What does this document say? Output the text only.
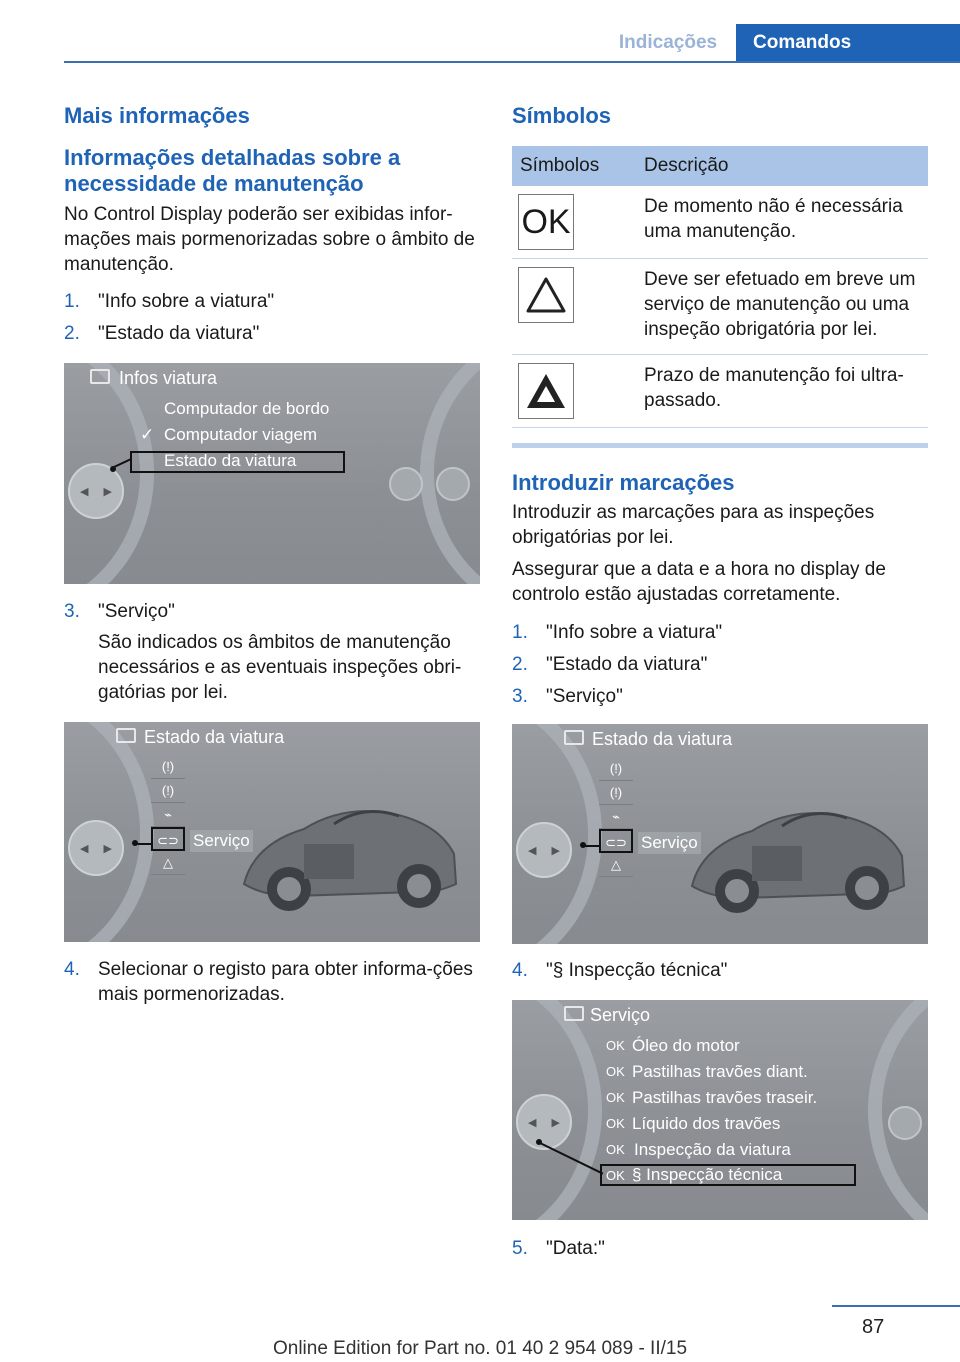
Indicações	Comandos
Mais informações
Informações detalhadas sobre a necessidade de manutenção

No Control Display poderão ser exibidas infor‐mações mais pormenorizadas sobre o âmbito de manutenção.

1. "Info sobre a viatura"
2. "Estado da viatura"
Infos viatura
◀ ▶
Computador de bordo
✓ Computador viagem
Estado da viatura
3. "Serviço"
São indicados os âmbitos de manutenção necessários e as eventuais inspeções obri‐gatórias por lei.
Estado da viatura
◀ ▶
(!)
(!)
⌁
⊂⊃
△
Serviço
4. Selecionar o registo para obter informa‐ções mais pormenorizadas.
Símbolos
Símbolos	Descrição

OK	De momento não é necessária uma manutenção.

	Deve ser efetuado em breve um serviço de manutenção ou uma inspeção obrigatória por lei.

	Prazo de manutenção foi ultra‐passado.
Introduzir marcações

Introduzir as marcações para as inspeções obrigatórias por lei.

Assegurar que a data e a hora no display de controlo estão ajustadas corretamente.

1. "Info sobre a viatura"
2. "Estado da viatura"
3. "Serviço"
Estado da viatura
◀ ▶
(!)
(!)
⌁
⊂⊃
△
Serviço
4. "§ Inspecção técnica"
Serviço
◀ ▶
OK Óleo do motor
OK Pastilhas travões diant.
OK Pastilhas travões traseir.
OK Líquido dos travões
OK Inspecção da viatura
OK § Inspecção técnica
5. "Data:"
87
Online Edition for Part no. 01 40 2 954 089 - II/15
